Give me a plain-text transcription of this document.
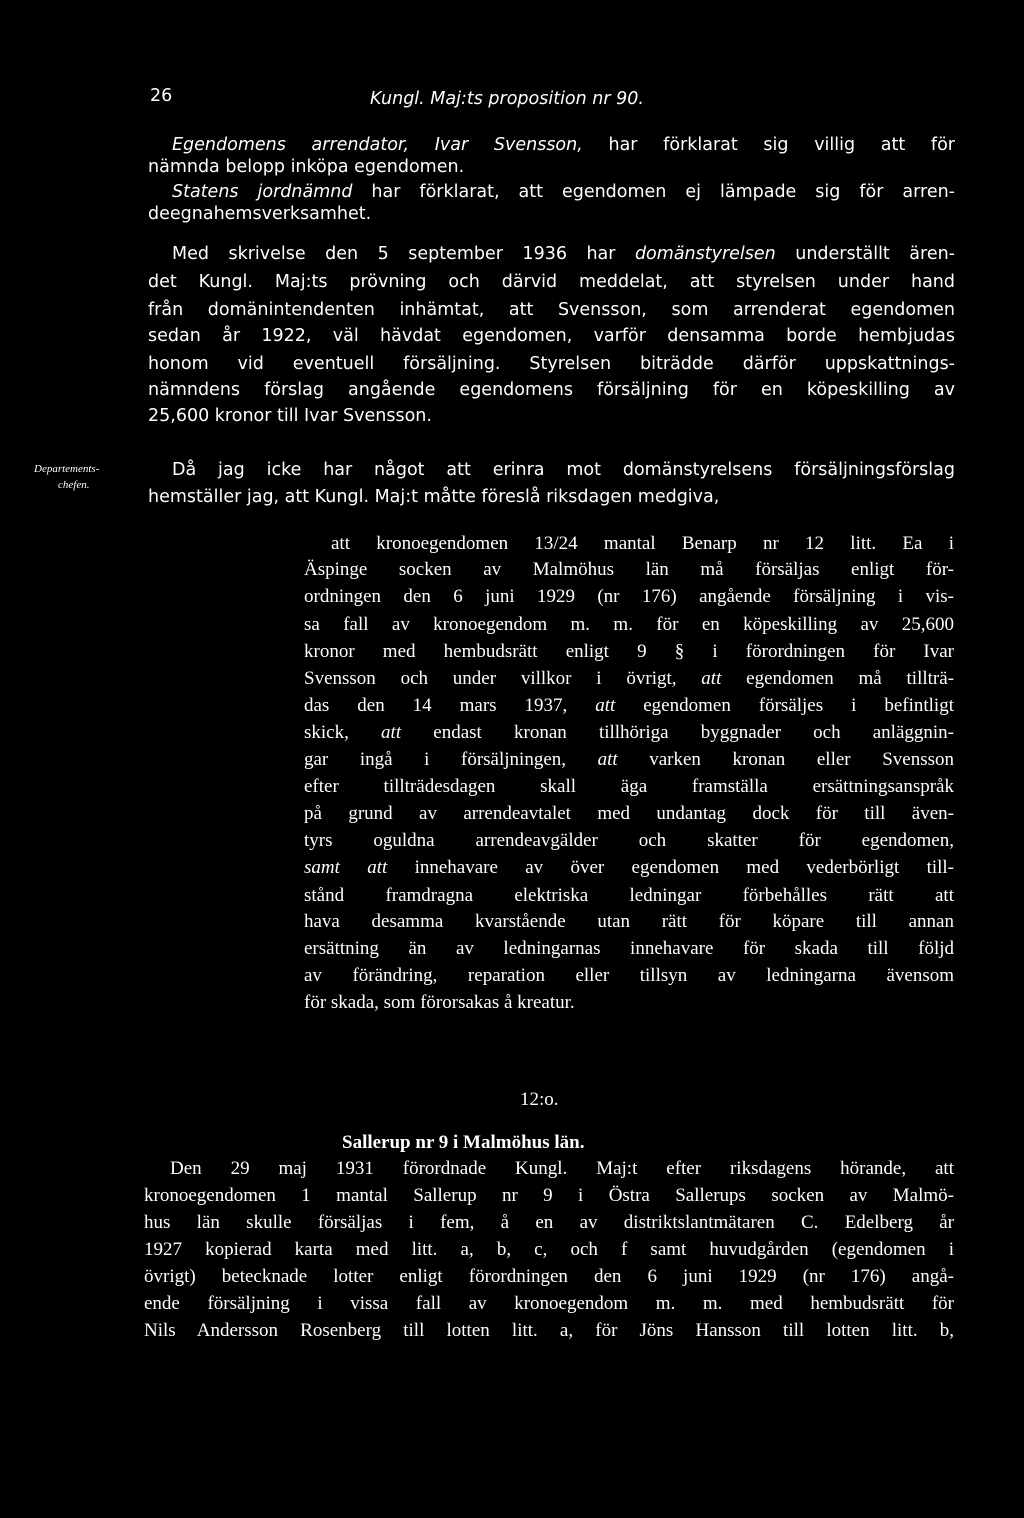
26	Kungl. Maj:ts proposition nr 90.
Egendomens arrendator, Ivar Svensson, har förklarat sig villig att för
nämnda belopp inköpa egendomen.
Statens jordnämnd har förklarat, att egendomen ej lämpade sig för arren-
deegnahemsverksamhet.
Med skrivelse den 5 september 1936 har domänstyrelsen underställt ären-
det Kungl. Maj:ts prövning och därvid meddelat, att styrelsen under hand
från domänintendenten inhämtat, att Svensson, som arrenderat egendomen
sedan år 1922, väl hävdat egendomen, varför densamma borde hembjudas
honom vid eventuell försäljning. Styrelsen biträdde därför uppskattnings-
nämndens förslag angående egendomens försäljning för en köpeskilling av
25,600 kronor till Ivar Svensson.
Departements-
chefen.
Då jag icke har något att erinra mot domänstyrelsens försäljningsförslag
hemställer jag, att Kungl. Maj:t måtte föreslå riksdagen medgiva,
att kronoegendomen 13/24 mantal Benarp nr 12 litt. Ea i
Äspinge socken av Malmöhus län må försäljas enligt för-
ordningen den 6 juni 1929 (nr 176) angående försäljning i vis-
sa fall av kronoegendom m. m. för en köpeskilling av 25,600
kronor med hembudsrätt enligt 9 § i förordningen för Ivar
Svensson och under villkor i övrigt, att egendomen må tillträ-
das den 14 mars 1937, att egendomen försäljes i befintligt
skick, att endast kronan tillhöriga byggnader och anläggnin-
gar ingå i försäljningen, att varken kronan eller Svensson
efter tillträdesdagen skall äga framställa ersättningsanspråk
på grund av arrendeavtalet med undantag dock för till även-
tyrs oguldna arrendeavgälder och skatter för egendomen,
samt att innehavare av över egendomen med vederbörligt till-
stånd framdragna elektriska ledningar förbehålles rätt att
hava desamma kvarstående utan rätt för köpare till annan
ersättning än av ledningarnas innehavare för skada till följd
av förändring, reparation eller tillsyn av ledningarna ävensom
för skada, som förorsakas å kreatur.
12:o.
Sallerup nr 9 i Malmöhus län.
Den 29 maj 1931 förordnade Kungl. Maj:t efter riksdagens hörande, att
kronoegendomen 1 mantal Sallerup nr 9 i Östra Sallerups socken av Malmö-
hus län skulle försäljas i fem, å en av distriktslantmätaren C. Edelberg år
1927 kopierad karta med litt. a, b, c, och f samt huvudgården (egendomen i
övrigt) betecknade lotter enligt förordningen den 6 juni 1929 (nr 176) angå-
ende försäljning i vissa fall av kronoegendom m. m. med hembudsrätt för
Nils Andersson Rosenberg till lotten litt. a, för Jöns Hansson till lotten litt. b,
